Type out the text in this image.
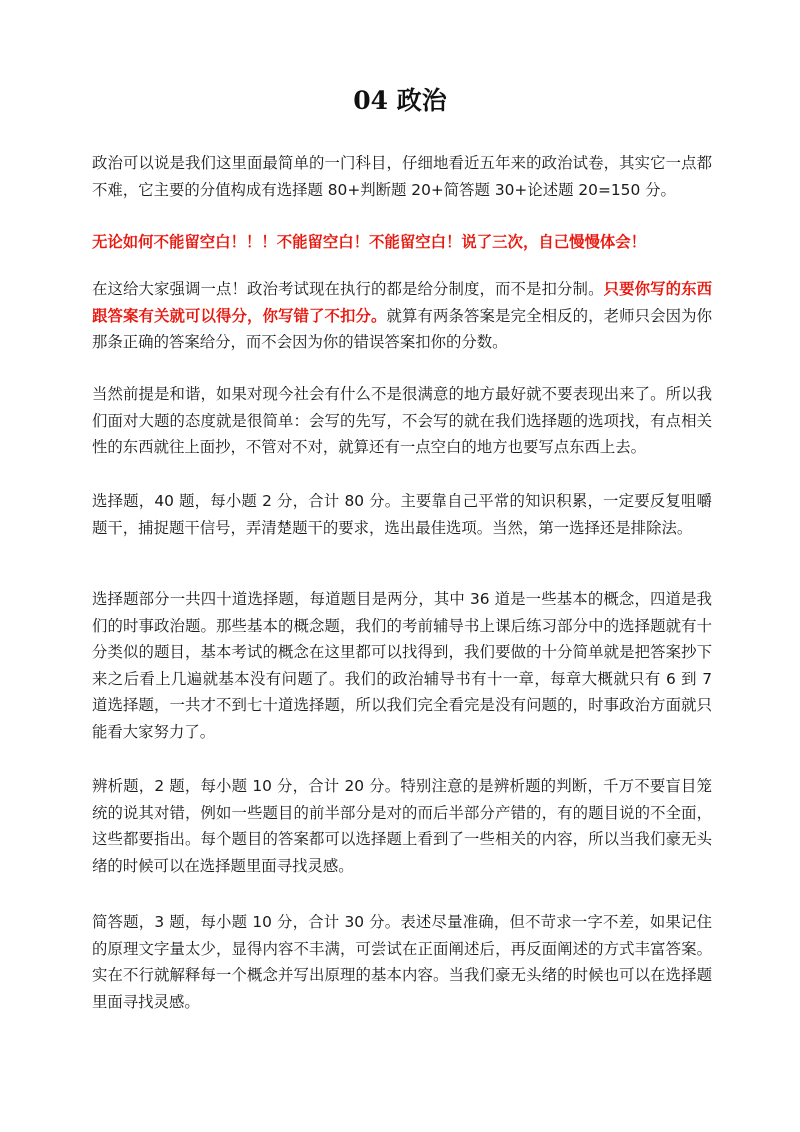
04 政治
政治可以说是我们这里面最简单的一门科目，仔细地看近五年来的政治试卷，其实它一点都不难，它主要的分值构成有选择题 80+判断题 20+简答题 30+论述题 20=150 分。
无论如何不能留空白！！！不能留空白！不能留空白！说了三次，自己慢慢体会！
在这给大家强调一点！政治考试现在执行的都是给分制度，而不是扣分制。只要你写的东西跟答案有关就可以得分，你写错了不扣分。就算有两条答案是完全相反的，老师只会因为你那条正确的答案给分，而不会因为你的错误答案扣你的分数。
当然前提是和谐，如果对现今社会有什么不是很满意的地方最好就不要表现出来了。所以我们面对大题的态度就是很简单：会写的先写，不会写的就在我们选择题的选项找，有点相关性的东西就往上面抄，不管对不对，就算还有一点空白的地方也要写点东西上去。
选择题，40 题，每小题 2 分，合计 80 分。主要靠自己平常的知识积累，一定要反复咀嚼题干，捕捉题干信号，弄清楚题干的要求，选出最佳选项。当然，第一选择还是排除法。
选择题部分一共四十道选择题，每道题目是两分，其中 36 道是一些基本的概念，四道是我们的时事政治题。那些基本的概念题，我们的考前辅导书上课后练习部分中的选择题就有十分类似的题目，基本考试的概念在这里都可以找得到，我们要做的十分简单就是把答案抄下来之后看上几遍就基本没有问题了。我们的政治辅导书有十一章，每章大概就只有 6 到 7 道选择题，一共才不到七十道选择题，所以我们完全看完是没有问题的，时事政治方面就只能看大家努力了。
辨析题，2 题，每小题 10 分，合计 20 分。特别注意的是辨析题的判断，千万不要盲目笼统的说其对错，例如一些题目的前半部分是对的而后半部分产错的，有的题目说的不全面，这些都要指出。每个题目的答案都可以选择题上看到了一些相关的内容，所以当我们豪无头绪的时候可以在选择题里面寻找灵感。
简答题，3 题，每小题 10 分，合计 30 分。表述尽量准确，但不苛求一字不差，如果记住的原理文字量太少，显得内容不丰满，可尝试在正面阐述后，再反面阐述的方式丰富答案。实在不行就解释每一个概念并写出原理的基本内容。当我们豪无头绪的时候也可以在选择题里面寻找灵感。
